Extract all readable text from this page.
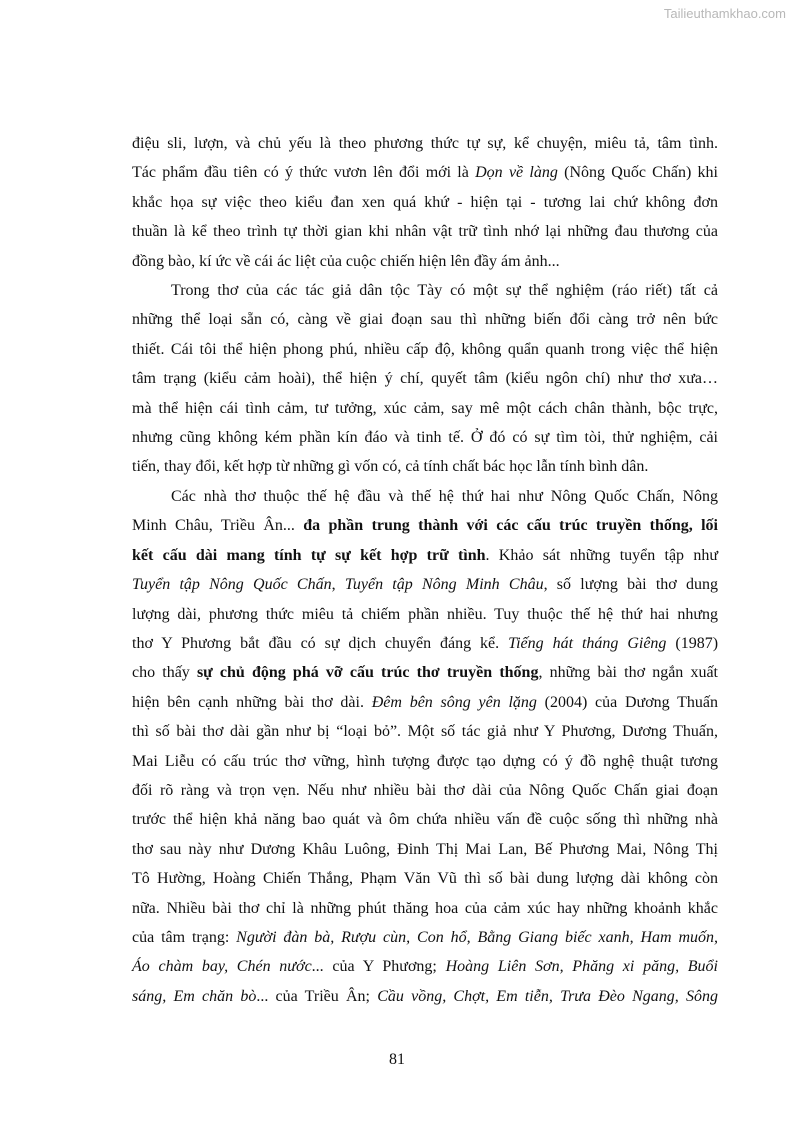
Tailieuthamkhao.com
điệu sli, lượn, và chủ yếu là theo phương thức tự sự, kể chuyện, miêu tả, tâm tình.
Tác phẩm đầu tiên có ý thức vươn lên đổi mới là Dọn về làng (Nông Quốc Chấn) khi
khắc họa sự việc theo kiểu đan xen quá khứ - hiện tại - tương lai chứ không đơn
thuần là kể theo trình tự thời gian khi nhân vật trữ tình nhớ lại những đau thương của
đồng bào, kí ức về cái ác liệt của cuộc chiến hiện lên đầy ám ảnh...
Trong thơ của các tác giả dân tộc Tày có một sự thể nghiệm (ráo riết) tất cả
những thể loại sẵn có, càng về giai đoạn sau thì những biến đổi càng trở nên bức
thiết. Cái tôi thể hiện phong phú, nhiều cấp độ, không quẩn quanh trong việc thể hiện
tâm trạng (kiểu cảm hoài), thể hiện ý chí, quyết tâm (kiểu ngôn chí) như thơ xưa…
mà thể hiện cái tình cảm, tư tưởng, xúc cảm, say mê một cách chân thành, bộc trực,
nhưng cũng không kém phần kín đáo và tinh tế. Ở đó có sự tìm tòi, thử nghiệm, cải
tiến, thay đổi, kết hợp từ những gì vốn có, cả tính chất bác học lẫn tính bình dân.
Các nhà thơ thuộc thế hệ đầu và thế hệ thứ hai như Nông Quốc Chấn, Nông
Minh Châu, Triều Ân... đa phần trung thành với các cấu trúc truyền thống, lối
kết cấu dài mang tính tự sự kết hợp trữ tình. Khảo sát những tuyển tập như
Tuyển tập Nông Quốc Chấn, Tuyển tập Nông Minh Châu, số lượng bài thơ dung
lượng dài, phương thức miêu tả chiếm phần nhiều. Tuy thuộc thế hệ thứ hai nhưng
thơ Y Phương bắt đầu có sự dịch chuyển đáng kể. Tiếng hát tháng Giêng (1987)
cho thấy sự chủ động phá vỡ cấu trúc thơ truyền thống, những bài thơ ngắn xuất
hiện bên cạnh những bài thơ dài. Đêm bên sông yên lặng (2004) của Dương Thuấn
thì số bài thơ dài gần như bị “loại bỏ”. Một số tác giả như Y Phương, Dương Thuấn,
Mai Liễu có cấu trúc thơ vững, hình tượng được tạo dựng có ý đồ nghệ thuật tương
đối rõ ràng và trọn vẹn. Nếu như nhiều bài thơ dài của Nông Quốc Chấn giai đoạn
trước thể hiện khả năng bao quát và ôm chứa nhiều vấn đề cuộc sống thì những nhà
thơ sau này như Dương Khâu Luông, Đinh Thị Mai Lan, Bế Phương Mai, Nông Thị
Tô Hường, Hoàng Chiến Thắng, Phạm Văn Vũ thì số bài dung lượng dài không còn
nữa. Nhiều bài thơ chỉ là những phút thăng hoa của cảm xúc hay những khoảnh khắc
của tâm trạng: Người đàn bà, Rượu cùn, Con hổ, Bằng Giang biếc xanh, Ham muốn,
Áo chàm bay, Chén nước... của Y Phương; Hoàng Liên Sơn, Phăng xi păng, Buổi
sáng, Em chăn bò... của Triều Ân; Cầu vồng, Chợt, Em tiễn, Trưa Đèo Ngang, Sông
81
